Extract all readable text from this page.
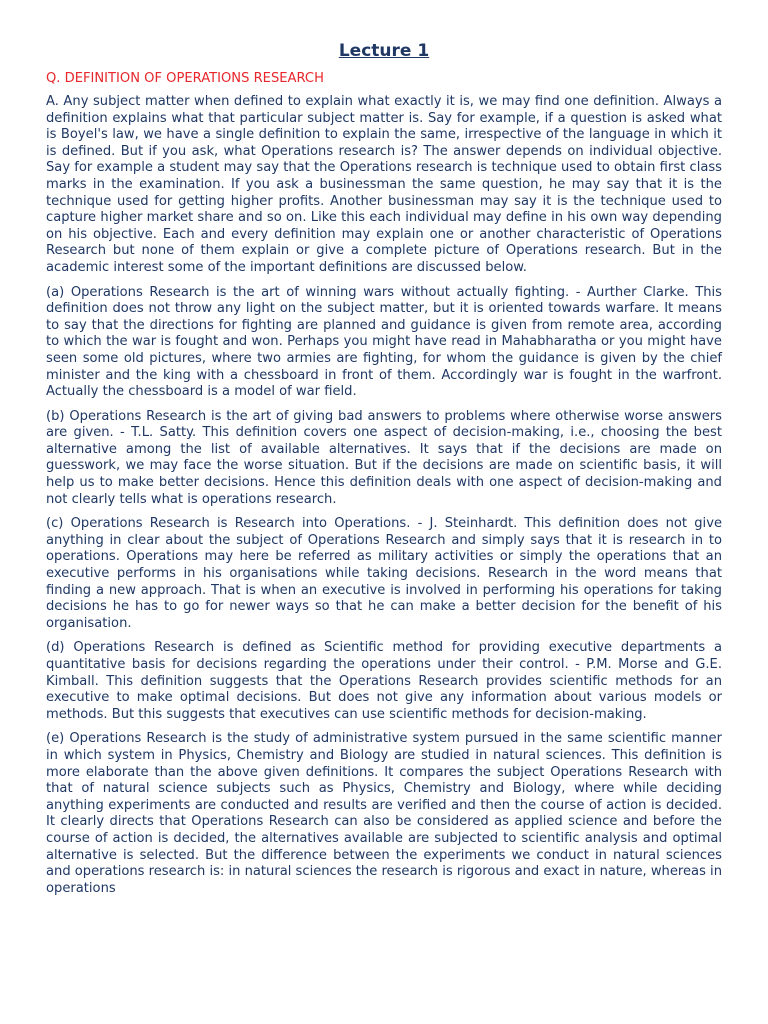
Lecture 1
Q. DEFINITION OF OPERATIONS RESEARCH

A. Any subject matter when defined to explain what exactly it is, we may find one definition. Always a definition explains what that particular subject matter is. Say for example, if a question is asked what is Boyel's law, we have a single definition to explain the same, irrespective of the language in which it is defined. But if you ask, what Operations research is? The answer depends on individual objective. Say for example a student may say that the Operations research is technique used to obtain first class marks in the examination. If you ask a businessman the same question, he may say that it is the technique used for getting higher profits. Another businessman may say it is the technique used to capture higher market share and so on. Like this each individual may define in his own way depending on his objective. Each and every definition may explain one or another characteristic of Operations Research but none of them explain or give a complete picture of Operations research. But in the academic interest some of the important definitions are discussed below.

(a) Operations Research is the art of winning wars without actually fighting. - Aurther Clarke. This definition does not throw any light on the subject matter, but it is oriented towards warfare. It means to say that the directions for fighting are planned and guidance is given from remote area, according to which the war is fought and won. Perhaps you might have read in Mahabharatha or you might have seen some old pictures, where two armies are fighting, for whom the guidance is given by the chief minister and the king with a chessboard in front of them. Accordingly war is fought in the warfront. Actually the chessboard is a model of war field.

(b) Operations Research is the art of giving bad answers to problems where otherwise worse answers are given. - T.L. Satty. This definition covers one aspect of decision-making, i.e., choosing the best alternative among the list of available alternatives. It says that if the decisions are made on guesswork, we may face the worse situation. But if the decisions are made on scientific basis, it will help us to make better decisions. Hence this definition deals with one aspect of decision-making and not clearly tells what is operations research.

(c) Operations Research is Research into Operations. - J. Steinhardt. This definition does not give anything in clear about the subject of Operations Research and simply says that it is research in to operations. Operations may here be referred as military activities or simply the operations that an executive performs in his organisations while taking decisions. Research in the word means that finding a new approach. That is when an executive is involved in performing his operations for taking decisions he has to go for newer ways so that he can make a better decision for the benefit of his organisation.

(d) Operations Research is defined as Scientific method for providing executive departments a quantitative basis for decisions regarding the operations under their control. - P.M. Morse and G.E. Kimball. This definition suggests that the Operations Research provides scientific methods for an executive to make optimal decisions. But does not give any information about various models or methods. But this suggests that executives can use scientific methods for decision-making.

(e) Operations Research is the study of administrative system pursued in the same scientific manner in which system in Physics, Chemistry and Biology are studied in natural sciences. This definition is more elaborate than the above given definitions. It compares the subject Operations Research with that of natural science subjects such as Physics, Chemistry and Biology, where while deciding anything experiments are conducted and results are verified and then the course of action is decided. It clearly directs that Operations Research can also be considered as applied science and before the course of action is decided, the alternatives available are subjected to scientific analysis and optimal alternative is selected. But the difference between the experiments we conduct in natural sciences and operations research is: in natural sciences the research is rigorous and exact in nature, whereas in operations
